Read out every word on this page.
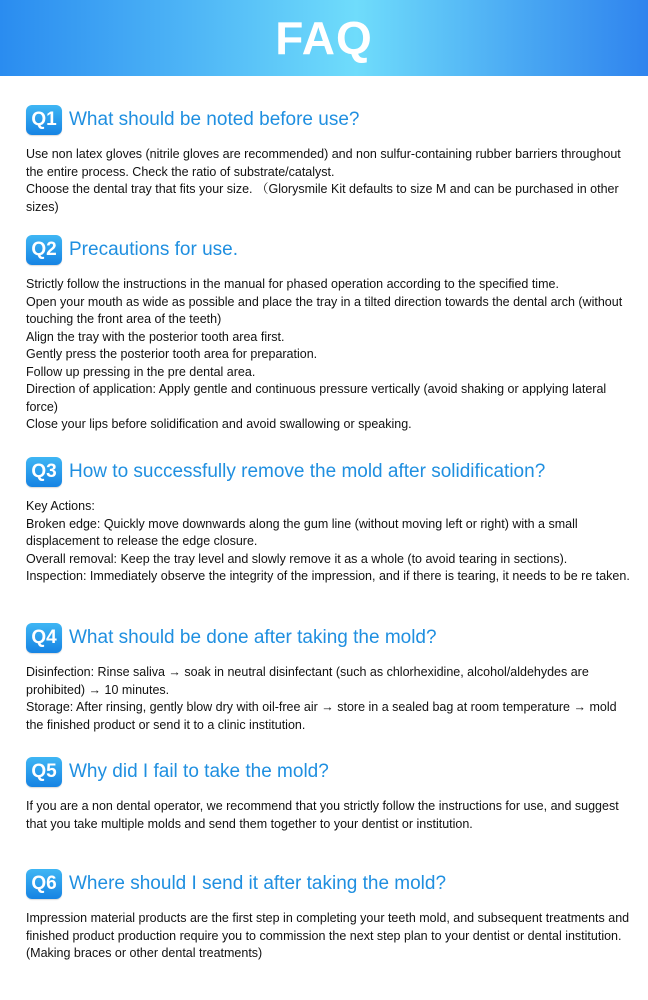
FAQ
Q1 What should be noted before use?
Use non latex gloves (nitrile gloves are recommended) and non sulfur-containing rubber barriers throughout the entire process. Check the ratio of substrate/catalyst.
Choose the dental tray that fits your size. （Glorysmile Kit defaults to size M and can be purchased in other sizes)
Q2 Precautions for use.
Strictly follow the instructions in the manual for phased operation according to the specified time.
Open your mouth as wide as possible and place the tray in a tilted direction towards the dental arch (without touching the front area of the teeth)
Align the tray with the posterior tooth area first.
Gently press the posterior tooth area for preparation.
Follow up pressing in the pre dental area.
Direction of application: Apply gentle and continuous pressure vertically (avoid shaking or applying lateral force)
Close your lips before solidification and avoid swallowing or speaking.
Q3 How to successfully remove the mold after solidification?
Key Actions:
Broken edge: Quickly move downwards along the gum line (without moving left or right) with a small displacement to release the edge closure.
Overall removal: Keep the tray level and slowly remove it as a whole (to avoid tearing in sections).
Inspection: Immediately observe the integrity of the impression, and if there is tearing, it needs to be re taken.
Q4 What should be done after taking the mold?
Disinfection: Rinse saliva → soak in neutral disinfectant (such as chlorhexidine, alcohol/aldehydes are prohibited) → 10 minutes.
Storage: After rinsing, gently blow dry with oil-free air → store in a sealed bag at room temperature → mold the finished product or send it to a clinic institution.
Q5 Why did I fail to take the mold?
If you are a non dental operator, we recommend that you strictly follow the instructions for use, and suggest that you take multiple molds and send them together to your dentist or institution.
Q6 Where should I send it after taking the mold?
Impression material products are the first step in completing your teeth mold, and subsequent treatments and finished product production require you to commission the next step plan to your dentist or dental institution. (Making braces or other dental treatments)
